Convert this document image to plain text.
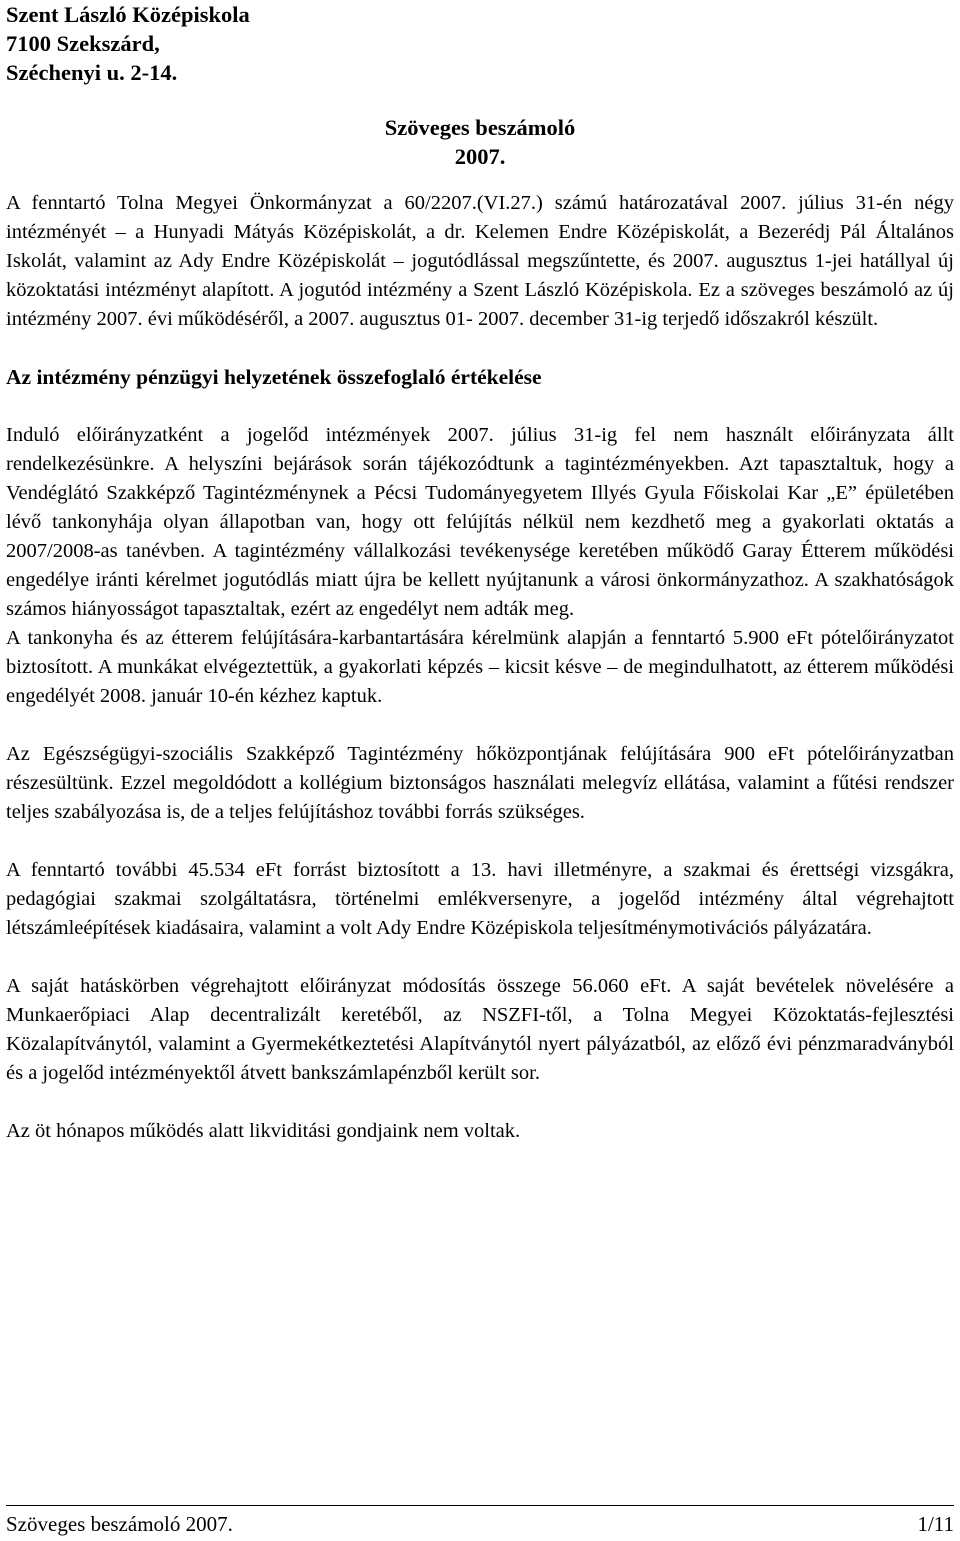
Szent László Középiskola
7100 Szekszárd,
Széchenyi u. 2-14.
Szöveges beszámoló
2007.

A fenntartó Tolna Megyei Önkormányzat a 60/2207.(VI.27.) számú határozatával 2007. július 31-én négy intézményét – a Hunyadi Mátyás Középiskolát, a dr. Kelemen Endre Középiskolát, a Bezerédj Pál Általános Iskolát, valamint az Ady Endre Középiskolát – jogutódlással megszűntette, és 2007. augusztus 1-jei hatállyal új közoktatási intézményt alapított. A jogutód intézmény a Szent László Középiskola. Ez a szöveges beszámoló az új intézmény 2007. évi működéséről, a 2007. augusztus 01- 2007. december 31-ig terjedő időszakról készült.

Az intézmény pénzügyi helyzetének összefoglaló értékelése

Induló előirányzatként a jogelőd intézmények 2007. július 31-ig fel nem használt előirányzata állt rendelkezésünkre. A helyszíni bejárások során tájékozódtunk a tagintézményekben. Azt tapasztaltuk, hogy a Vendéglátó Szakképző Tagintézménynek a Pécsi Tudományegyetem Illyés Gyula Főiskolai Kar „E” épületében lévő tankonyhája olyan állapotban van, hogy ott felújítás nélkül nem kezdhető meg a gyakorlati oktatás a 2007/2008-as tanévben. A tagintézmény vállalkozási tevékenysége keretében működő Garay Étterem működési engedélye iránti kérelmet jogutódlás miatt újra be kellett nyújtanunk a városi önkormányzathoz. A szakhatóságok számos hiányosságot tapasztaltak, ezért az engedélyt nem adták meg.

A tankonyha és az étterem felújítására-karbantartására kérelmünk alapján a fenntartó 5.900 eFt pótelőirányzatot biztosított. A munkákat elvégeztettük, a gyakorlati képzés – kicsit késve – de megindulhatott, az étterem működési engedélyét 2008. január 10-én kézhez kaptuk.

Az Egészségügyi-szociális Szakképző Tagintézmény hőközpontjának felújítására 900 eFt pótelőirányzatban részesültünk. Ezzel megoldódott a kollégium biztonságos használati melegvíz ellátása, valamint a fűtési rendszer teljes szabályozása is, de a teljes felújításhoz további forrás szükséges.

A fenntartó további 45.534 eFt forrást biztosított a 13. havi illetményre, a szakmai és érettségi vizsgákra, pedagógiai szakmai szolgáltatásra, történelmi emlékversenyre, a jogelőd intézmény által végrehajtott létszámleépítések kiadásaira, valamint a volt Ady Endre Középiskola teljesítménymotivációs pályázatára.

A saját hatáskörben végrehajtott előirányzat módosítás összege 56.060 eFt. A saját bevételek növelésére a Munkaerőpiaci Alap decentralizált keretéből, az NSZFI-től, a Tolna Megyei Közoktatás-fejlesztési Közalapítványtól, valamint a Gyermekétkeztetési Alapítványtól nyert pályázatból, az előző évi pénzmaradványból és a jogelőd intézményektől átvett bankszámlapénzből került sor.

Az öt hónapos működés alatt likviditási gondjaink nem voltak.

Szöveges beszámoló 2007.	1/11
